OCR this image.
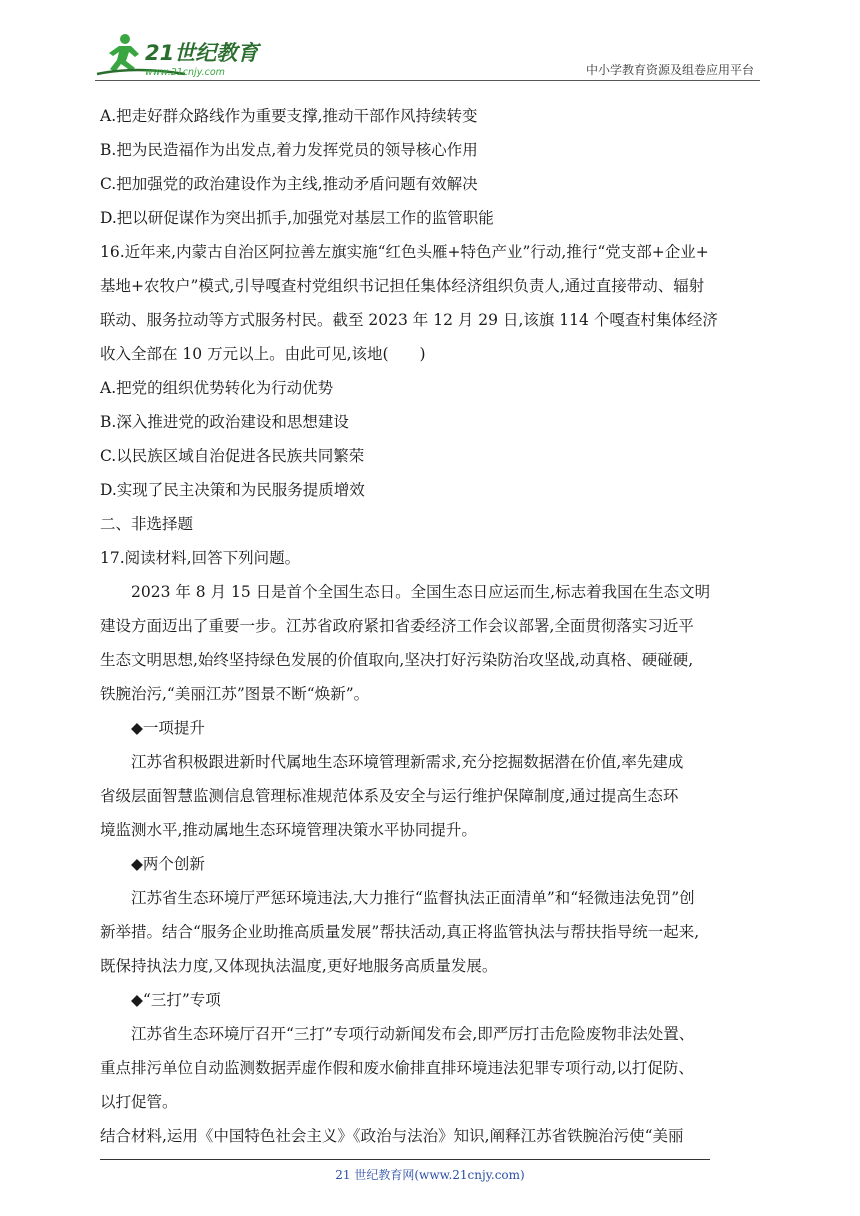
21世纪教育
www.21cnjy.com	中小学教育资源及组卷应用平台
A.把走好群众路线作为重要支撑,推动干部作风持续转变
B.把为民造福作为出发点,着力发挥党员的领导核心作用
C.把加强党的政治建设作为主线,推动矛盾问题有效解决
D.把以研促谋作为突出抓手,加强党对基层工作的监管职能
16.近年来,内蒙古自治区阿拉善左旗实施“红色头雁+特色产业”行动,推行“党支部+企业+
基地+农牧户”模式,引导嘎查村党组织书记担任集体经济组织负责人,通过直接带动、辐射
联动、服务拉动等方式服务村民。截至 2023 年 12 月 29 日,该旗 114 个嘎查村集体经济
收入全部在 10 万元以上。由此可见,该地(　　)
A.把党的组织优势转化为行动优势
B.深入推进党的政治建设和思想建设
C.以民族区域自治促进各民族共同繁荣
D.实现了民主决策和为民服务提质增效
二、非选择题
17.阅读材料,回答下列问题。
2023 年 8 月 15 日是首个全国生态日。全国生态日应运而生,标志着我国在生态文明
建设方面迈出了重要一步。江苏省政府紧扣省委经济工作会议部署,全面贯彻落实习近平
生态文明思想,始终坚持绿色发展的价值取向,坚决打好污染防治攻坚战,动真格、硬碰硬,
铁腕治污,“美丽江苏”图景不断“焕新”。
◆一项提升
江苏省积极跟进新时代属地生态环境管理新需求,充分挖掘数据潜在价值,率先建成
省级层面智慧监测信息管理标准规范体系及安全与运行维护保障制度,通过提高生态环
境监测水平,推动属地生态环境管理决策水平协同提升。
◆两个创新
江苏省生态环境厅严惩环境违法,大力推行“监督执法正面清单”和“轻微违法免罚”创
新举措。结合“服务企业助推高质量发展”帮扶活动,真正将监管执法与帮扶指导统一起来,
既保持执法力度,又体现执法温度,更好地服务高质量发展。
◆“三打”专项
江苏省生态环境厅召开“三打”专项行动新闻发布会,即严厉打击危险废物非法处置、
重点排污单位自动监测数据弄虚作假和废水偷排直排环境违法犯罪专项行动,以打促防、
以打促管。
结合材料,运用《中国特色社会主义》《政治与法治》知识,阐释江苏省铁腕治污使“美丽
21 世纪教育网(www.21cnjy.com)
